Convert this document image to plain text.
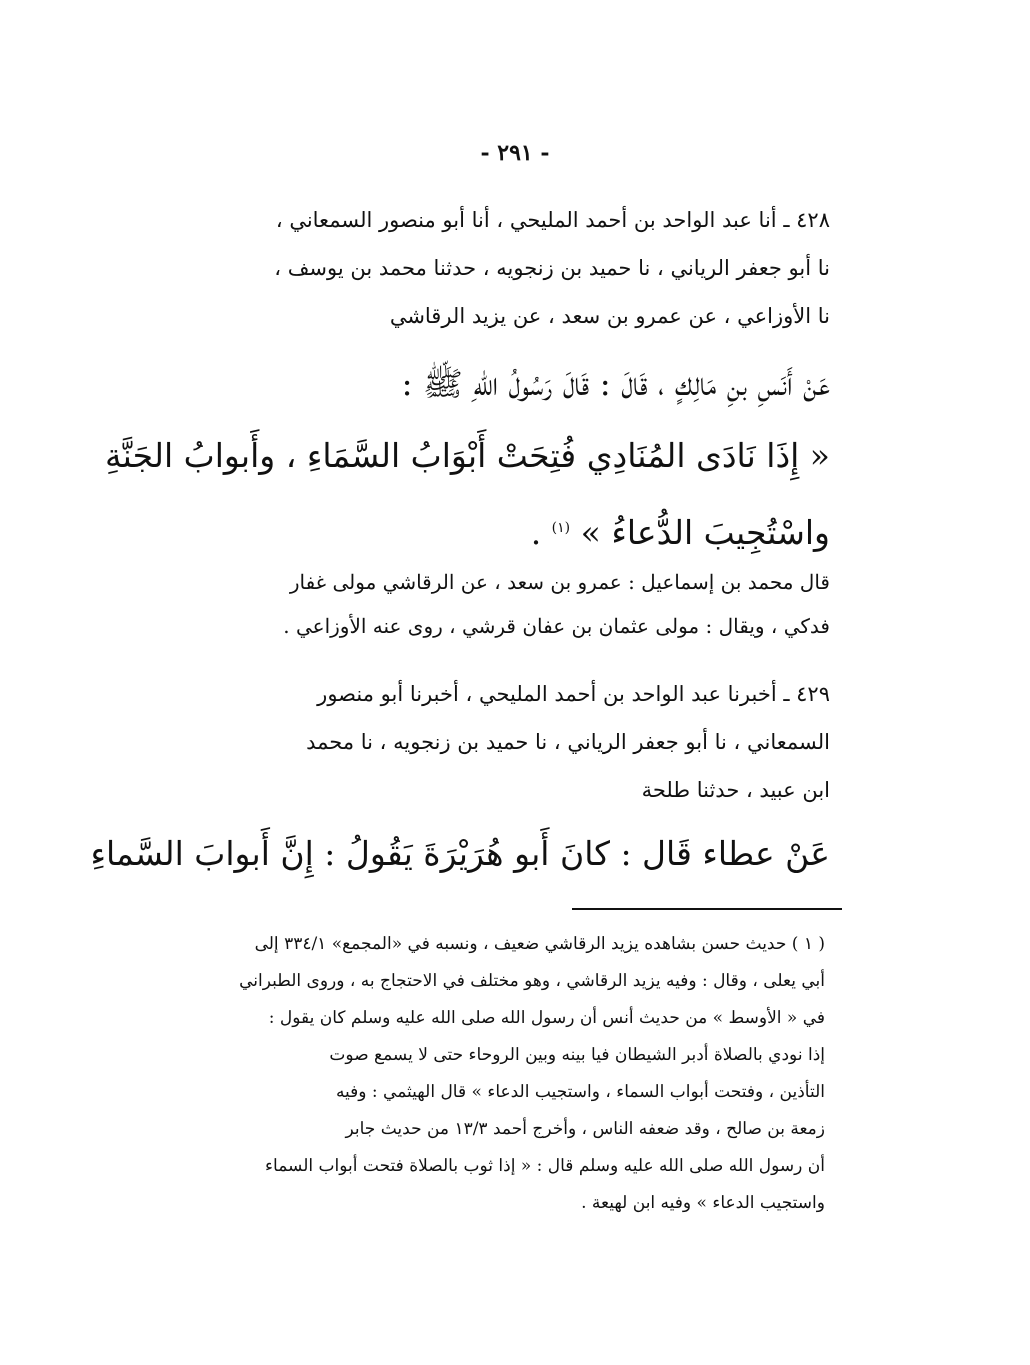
- ٢٩١ -
٤٢٨ ـ أنا عبد الواحد بن أحمد المليحي ، أنا أبو منصور السمعاني ،
نا أبو جعفر الرياني ، نا حميد بن زنجويه ، حدثنا محمد بن يوسف ،
نا الأوزاعي ، عن عمرو بن سعد ، عن يزيد الرقاشي
عَنْ أَنَسِ بنِ مَالِكٍ ، قَالَ : قَالَ رَسُولُ اللهِ ﷺ :
« إِذَا نَادَى المُنَادِي فُتِحَتْ أَبْوَابُ السَّمَاءِ ، وأَبوابُ الجَنَّةِ
واسْتُجِيبَ الدُّعاءُ » $^{(١)}$ .
قال محمد بن إسماعيل : عمرو بن سعد ، عن الرقاشي مولى غفار
فدكي ، ويقال : مولى عثمان بن عفان قرشي ، روى عنه الأوزاعي .
٤٢٩ ـ أخبرنا عبد الواحد بن أحمد المليحي ، أخبرنا أبو منصور
السمعاني ، نا أبو جعفر الرياني ، نا حميد بن زنجويه ، نا محمد
ابن عبيد ، حدثنا طلحة
عَنْ عطاء قَال : كانَ أَبو هُرَيْرَةَ يَقُولُ : إِنَّ أَبوابَ السَّماءِ
( ١ ) حديث حسن بشاهده يزيد الرقاشي ضعيف ، ونسبه في «المجمع» ٣٣٤/١ إلى
أبي يعلى ، وقال : وفيه يزيد الرقاشي ، وهو مختلف في الاحتجاج به ، وروى الطبراني
في « الأوسط » من حديث أنس أن رسول الله صلى الله عليه وسلم كان يقول :
إذا نودي بالصلاة أدبر الشيطان فيا بينه وبين الروحاء حتى لا يسمع صوت
التأذين ، وفتحت أبواب السماء ، واستجيب الدعاء » قال الهيثمي : وفيه
زمعة بن صالح ، وقد ضعفه الناس ، وأخرج أحمد ١٣/٣ من حديث جابر
أن رسول الله صلى الله عليه وسلم قال : « إذا ثوب بالصلاة فتحت أبواب السماء
واستجيب الدعاء » وفيه ابن لهيعة .
